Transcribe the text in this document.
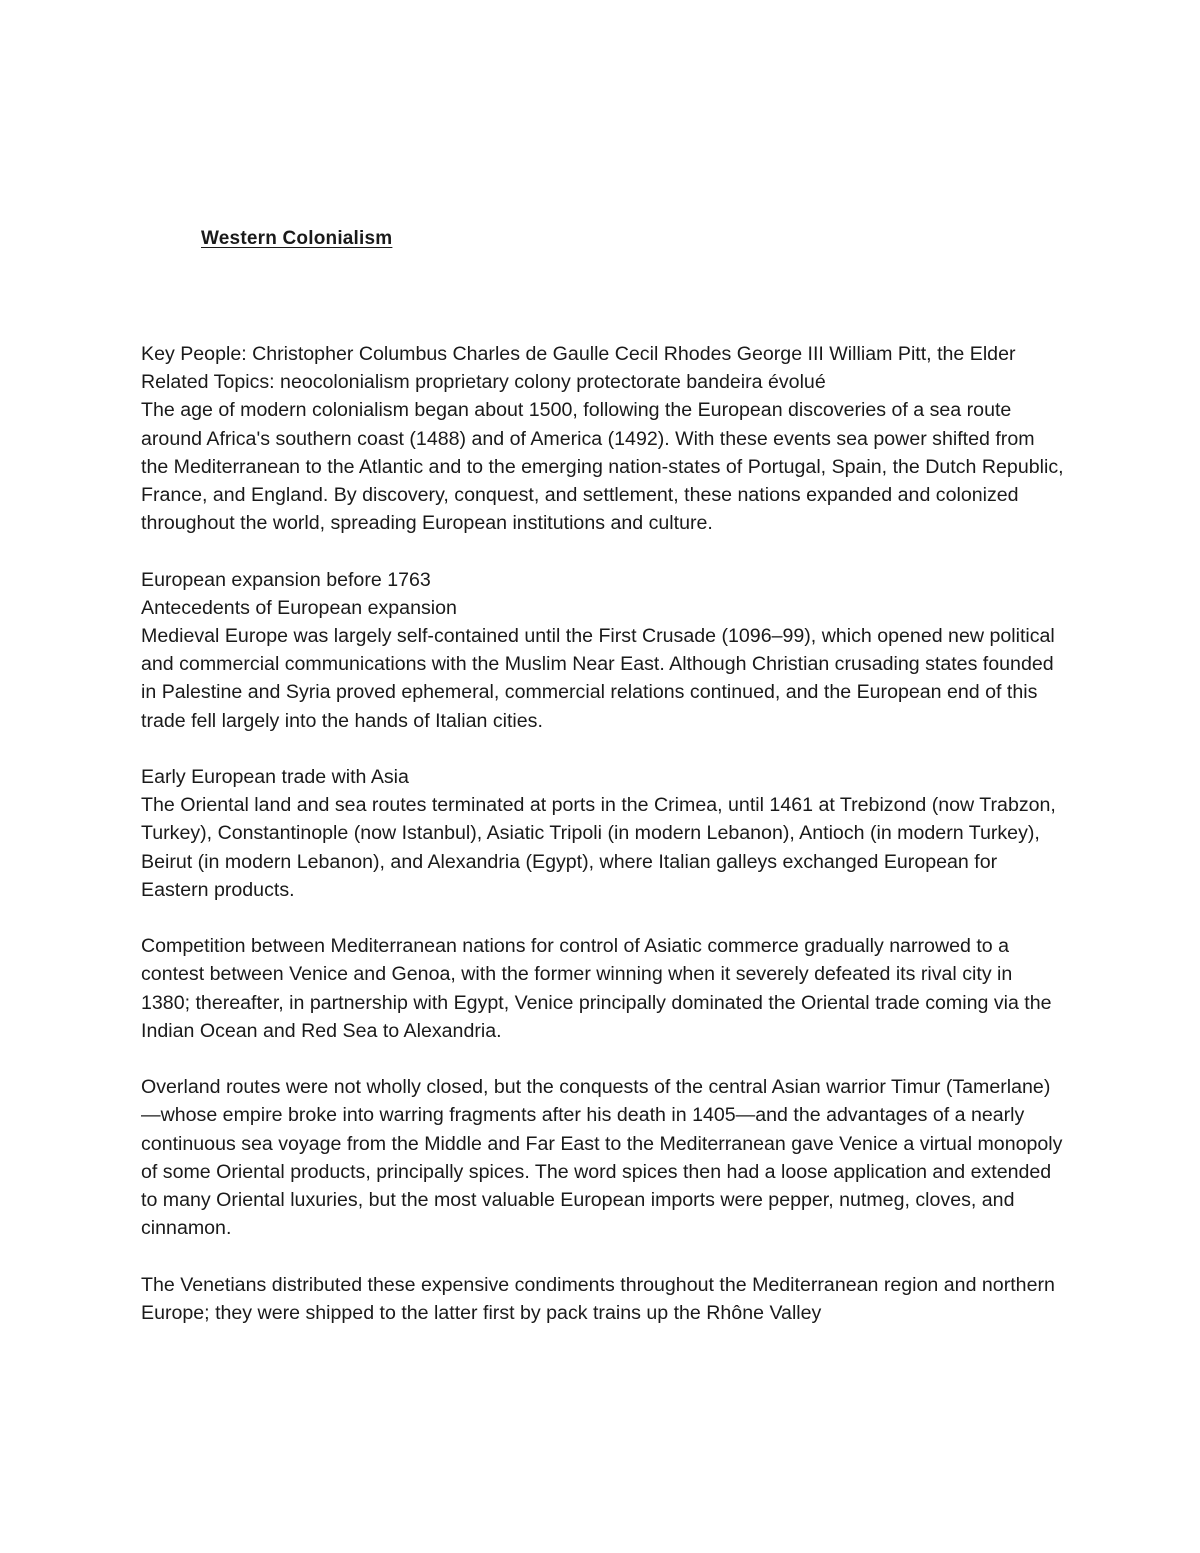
Western Colonialism

Key People: Christopher Columbus Charles de Gaulle Cecil Rhodes George III William Pitt, the Elder

Related Topics: neocolonialism proprietary colony protectorate bandeira évolué

The age of modern colonialism began about 1500, following the European discoveries of a sea route around Africa's southern coast (1488) and of America (1492). With these events sea power shifted from the Mediterranean to the Atlantic and to the emerging nation-states of Portugal, Spain, the Dutch Republic, France, and England. By discovery, conquest, and settlement, these nations expanded and colonized throughout the world, spreading European institutions and culture.

European expansion before 1763

Antecedents of European expansion

Medieval Europe was largely self-contained until the First Crusade (1096–99), which opened new political and commercial communications with the Muslim Near East. Although Christian crusading states founded in Palestine and Syria proved ephemeral, commercial relations continued, and the European end of this trade fell largely into the hands of Italian cities.

Early European trade with Asia

The Oriental land and sea routes terminated at ports in the Crimea, until 1461 at Trebizond (now Trabzon, Turkey), Constantinople (now Istanbul), Asiatic Tripoli (in modern Lebanon), Antioch (in modern Turkey), Beirut (in modern Lebanon), and Alexandria (Egypt), where Italian galleys exchanged European for Eastern products.

Competition between Mediterranean nations for control of Asiatic commerce gradually narrowed to a contest between Venice and Genoa, with the former winning when it severely defeated its rival city in 1380; thereafter, in partnership with Egypt, Venice principally dominated the Oriental trade coming via the Indian Ocean and Red Sea to Alexandria.

Overland routes were not wholly closed, but the conquests of the central Asian warrior Timur (Tamerlane)—whose empire broke into warring fragments after his death in 1405—and the advantages of a nearly continuous sea voyage from the Middle and Far East to the Mediterranean gave Venice a virtual monopoly of some Oriental products, principally spices. The word spices then had a loose application and extended to many Oriental luxuries, but the most valuable European imports were pepper, nutmeg, cloves, and cinnamon.

The Venetians distributed these expensive condiments throughout the Mediterranean region and northern Europe; they were shipped to the latter first by pack trains up the Rhône Valley
